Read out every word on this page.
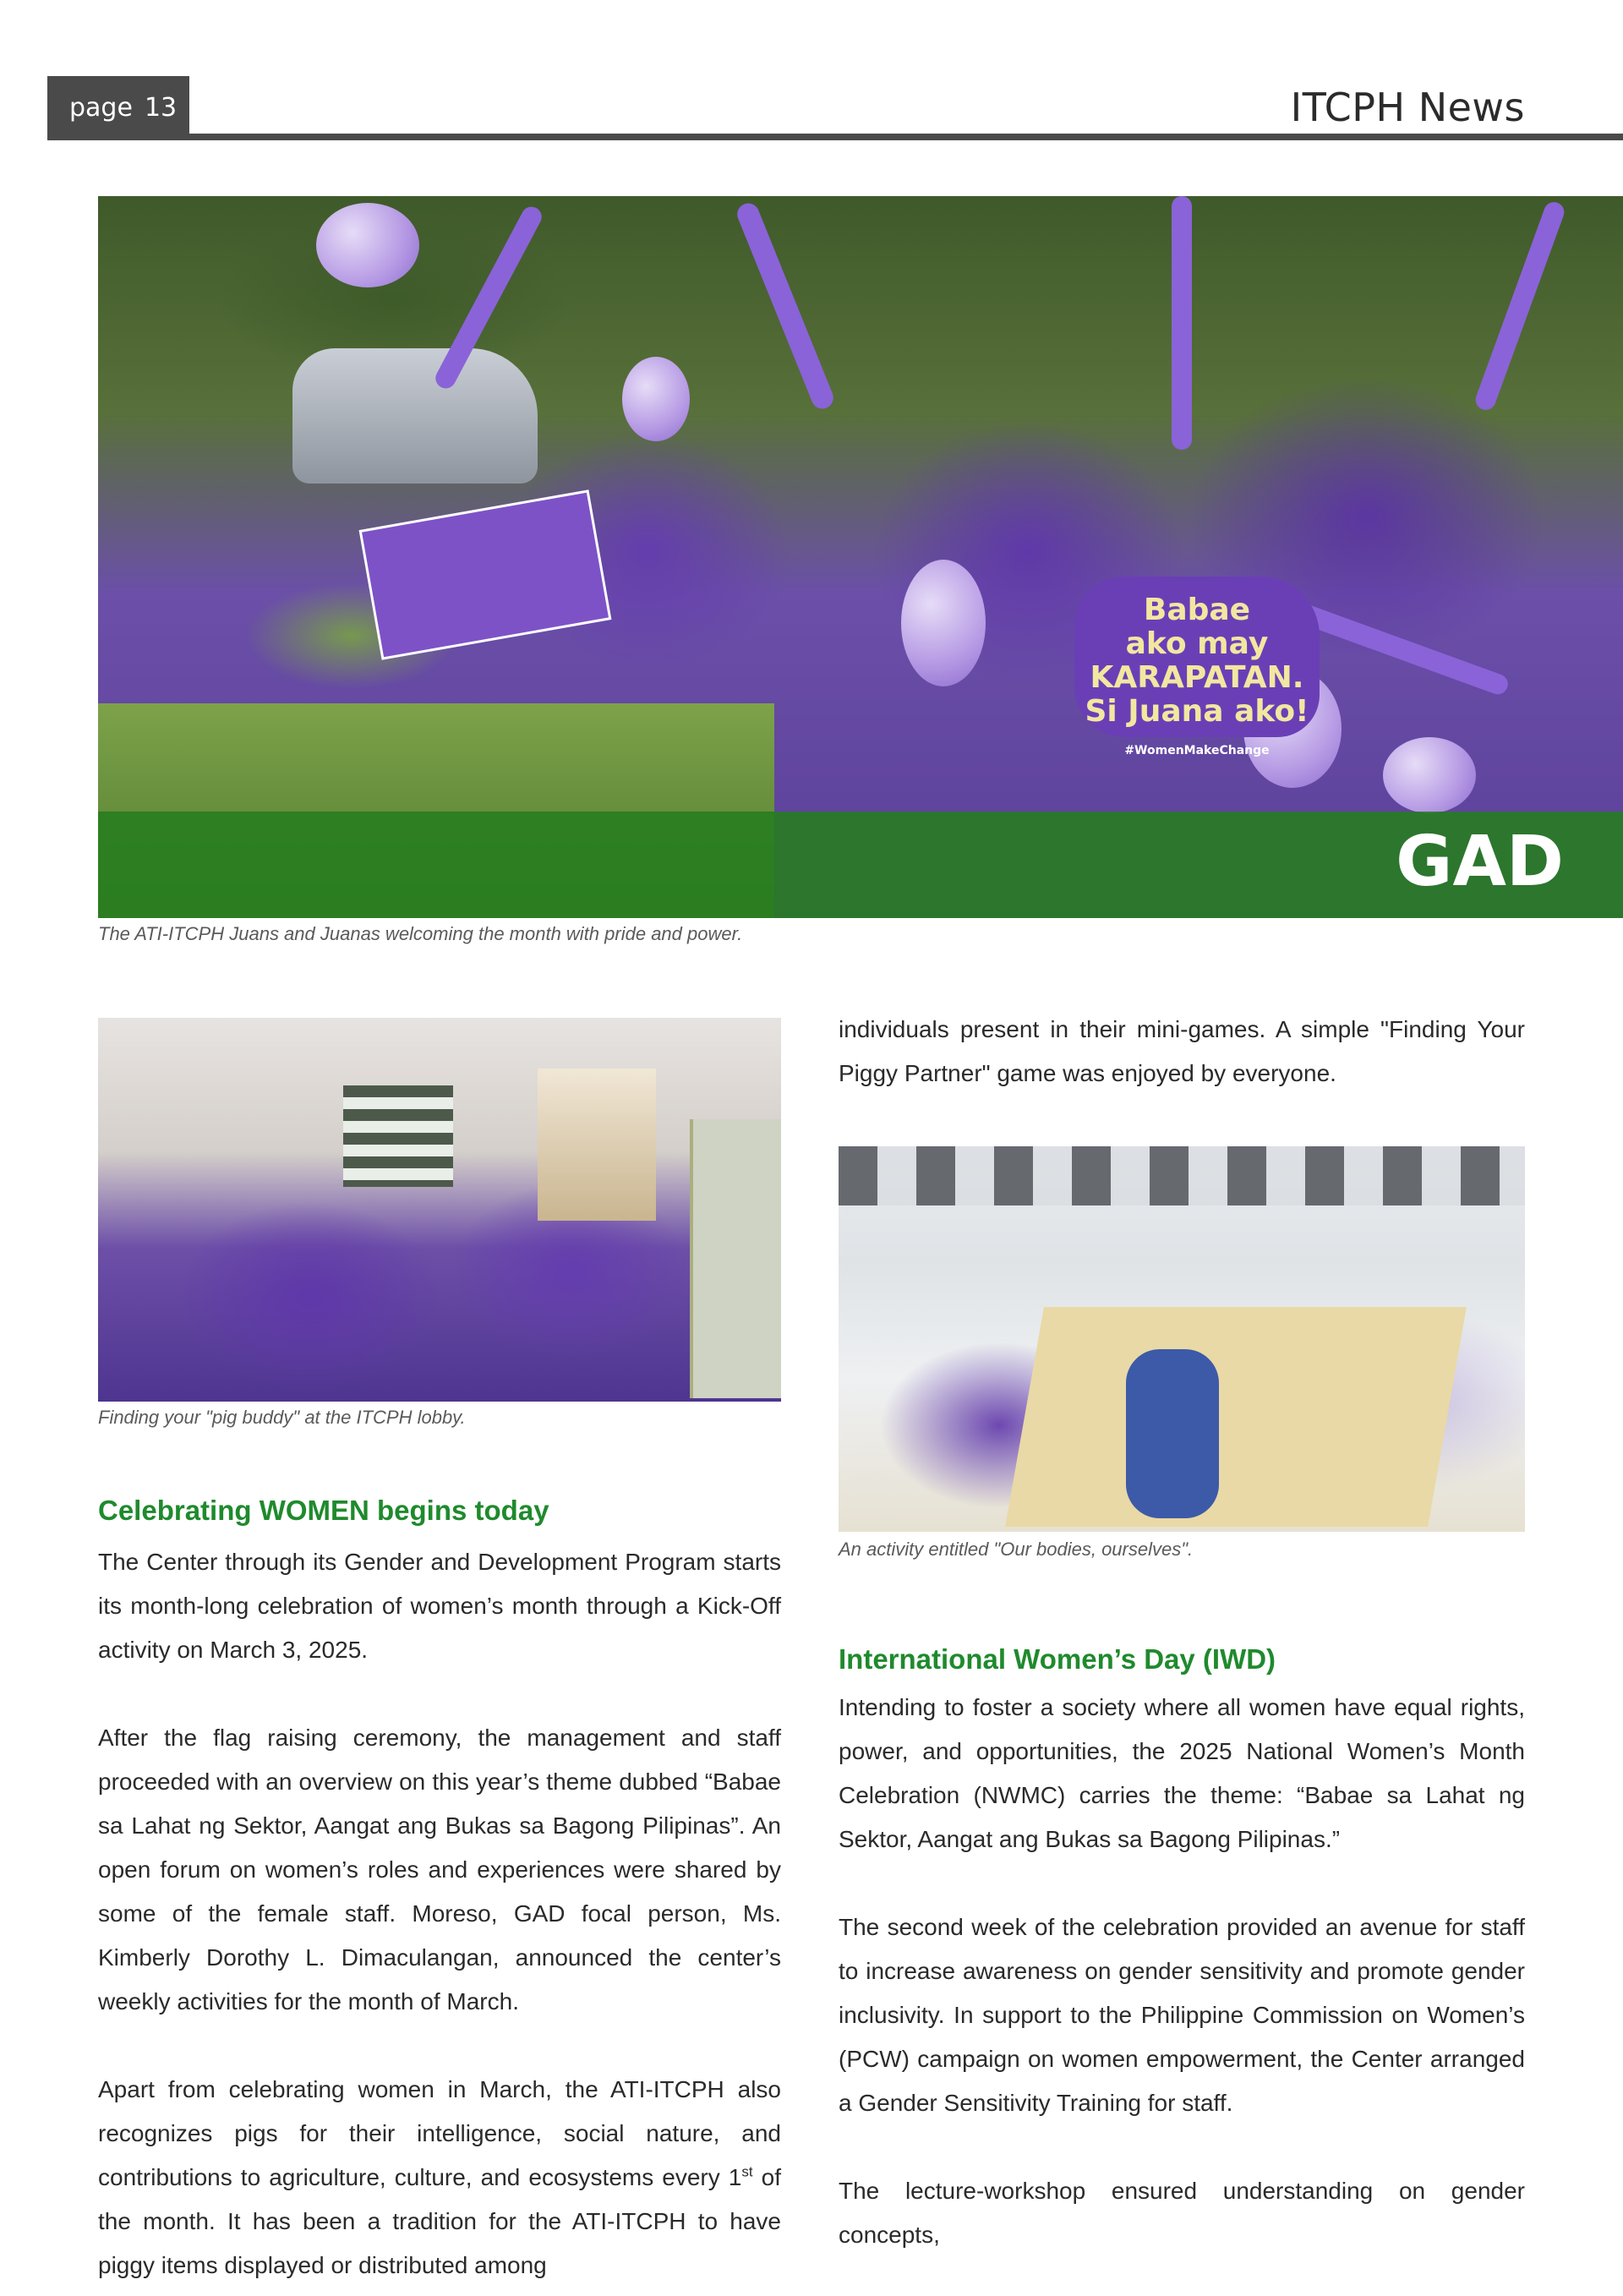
page 13	ITCPH News
Babae
ako may
KARAPATAN.
Si Juana ako!
#WomenMakeChange
GAD
The ATI-ITCPH Juans and Juanas welcoming the month with pride and power.
Finding your "pig buddy" at the ITCPH lobby.
Celebrating WOMEN begins today

The Center through its Gender and Development Program starts its month-long celebration of women’s month through a Kick-Off activity on March 3, 2025.

After the flag raising ceremony, the management and staff proceeded with an overview on this year’s theme dubbed “Babae sa Lahat ng Sektor, Aangat ang Bukas sa Bagong Pilipinas”. An open forum on women’s roles and experiences were shared by some of the female staff. Moreso, GAD focal person, Ms. Kimberly Dorothy L. Dimaculangan, announced the center’s weekly activities for the month of March.

Apart from celebrating women in March, the ATI-ITCPH also recognizes pigs for their intelligence, social nature, and contributions to agriculture, culture, and ecosystems every 1st of the month. It has been a tradition for the ATI-ITCPH to have piggy items displayed or distributed among

individuals present in their mini-games. A simple "Finding Your Piggy Partner" game was enjoyed by everyone.

An activity entitled "Our bodies, ourselves".
International Women’s Day (IWD)

Intending to foster a society where all women have equal rights, power, and opportunities, the 2025 National Women’s Month Celebration (NWMC) carries the theme: “Babae sa Lahat ng Sektor, Aangat ang Bukas sa Bagong Pilipinas.”

The second week of the celebration provided an avenue for staff to increase awareness on gender sensitivity and promote gender inclusivity. In support to the Philippine Commission on Women’s (PCW) campaign on women empowerment, the Center arranged a Gender Sensitivity Training for staff.

The lecture-workshop ensured understanding on gender concepts,
